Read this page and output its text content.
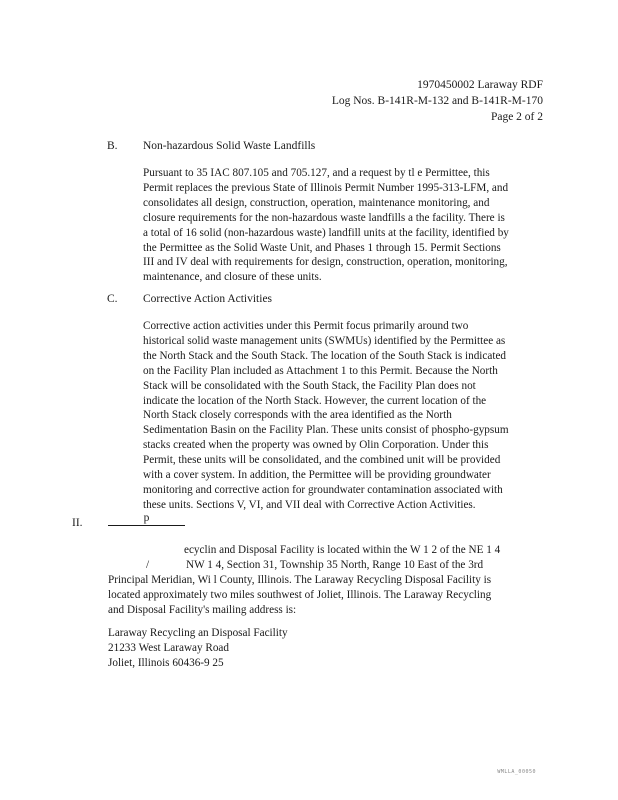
1970450002 Laraway RDF
Log Nos. B-141R-M-132 and B-141R-M-170
Page 2 of 2
B. Non-hazardous Solid Waste Landfills
Pursuant to 35 IAC 807.105 and 705.127, and a request by tl e Permittee, this
Permit replaces the previous State of Illinois Permit Number 1995-313-LFM, and
consolidates all design, construction, operation, maintenance monitoring, and
closure requirements for the non-hazardous waste landfills a the facility. There is
a total of 16 solid (non-hazardous waste) landfill units at the facility, identified by
the Permittee as the Solid Waste Unit, and Phases 1 through 15. Permit Sections
III and IV deal with requirements for design, construction, operation, monitoring,
maintenance, and closure of these units.
C. Corrective Action Activities
Corrective action activities under this Permit focus primarily around two
historical solid waste management units (SWMUs) identified by the Permittee as
the North Stack and the South Stack. The location of the South Stack is indicated
on the Facility Plan included as Attachment 1 to this Permit. Because the North
Stack will be consolidated with the South Stack, the Facility Plan does not
indicate the location of the North Stack. However, the current location of the
North Stack closely corresponds with the area identified as the North
Sedimentation Basin on the Facility Plan. These units consist of phospho-gypsum
stacks created when the property was owned by Olin Corporation. Under this
Permit, these units will be consolidated, and the combined unit will be provided
with a cover system. In addition, the Permittee will be providing groundwater
monitoring and corrective action for groundwater contamination associated with
these units. Sections V, VI, and VII deal with Corrective Action Activities.
II.	p
ecyclin and Disposal Facility is located within the W 1 2 of the NE 1 4
/	NW 1 4, Section 31, Township 35 North, Range 10 East of the 3rd
Principal Meridian, Wi l County, Illinois. The Laraway Recycling Disposal Facility is
located approximately two miles southwest of Joliet, Illinois. The Laraway Recycling
and Disposal Facility's mailing address is:
Laraway Recycling an Disposal Facility
21233 West Laraway Road
Joliet, Illinois 60436-9 25
WMLLA_00050
